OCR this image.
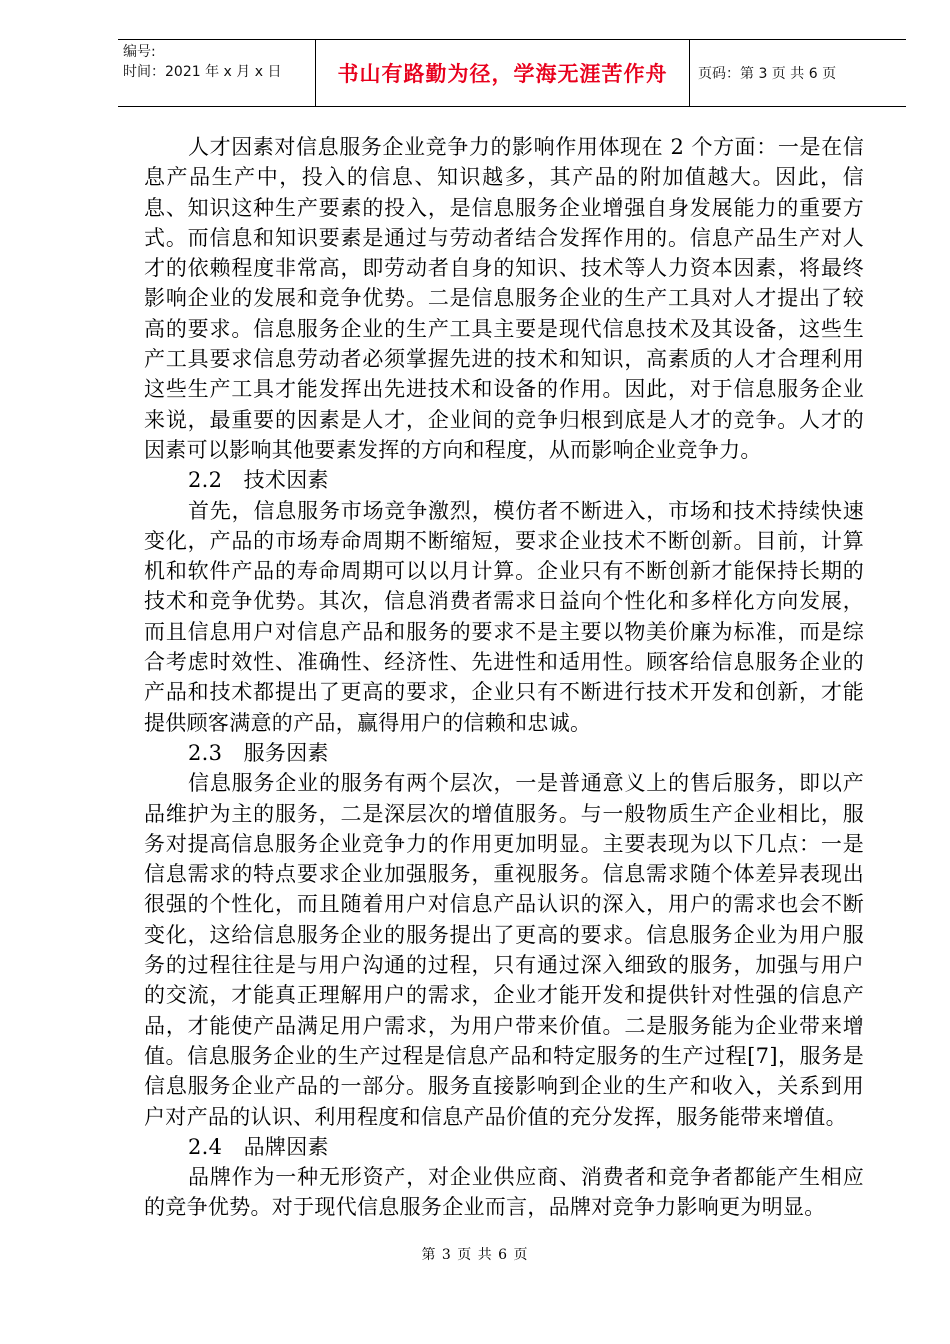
编号:
时间：2021 年 x 月 x 日	书山有路勤为径，学海无涯苦作舟	页码：第 3 页 共 6 页

人才因素对信息服务企业竞争力的影响作用体现在 2 个方面：一是在信息产品生产中，投入的信息、知识越多，其产品的附加值越大。因此，信息、知识这种生产要素的投入，是信息服务企业增强自身发展能力的重要方式。而信息和知识要素是通过与劳动者结合发挥作用的。信息产品生产对人才的依赖程度非常高，即劳动者自身的知识、技术等人力资本因素，将最终影响企业的发展和竞争优势。二是信息服务企业的生产工具对人才提出了较高的要求。信息服务企业的生产工具主要是现代信息技术及其设备，这些生产工具要求信息劳动者必须掌握先进的技术和知识，高素质的人才合理利用这些生产工具才能发挥出先进技术和设备的作用。因此，对于信息服务企业来说，最重要的因素是人才，企业间的竞争归根到底是人才的竞争。人才的因素可以影响其他要素发挥的方向和程度，从而影响企业竞争力。

2.2　技术因素

首先，信息服务市场竞争激烈，模仿者不断进入，市场和技术持续快速变化，产品的市场寿命周期不断缩短，要求企业技术不断创新。目前，计算机和软件产品的寿命周期可以以月计算。企业只有不断创新才能保持长期的技术和竞争优势。其次，信息消费者需求日益向个性化和多样化方向发展，而且信息用户对信息产品和服务的要求不是主要以物美价廉为标准，而是综合考虑时效性、准确性、经济性、先进性和适用性。顾客给信息服务企业的产品和技术都提出了更高的要求，企业只有不断进行技术开发和创新，才能提供顾客满意的产品，赢得用户的信赖和忠诚。

2.3　服务因素

信息服务企业的服务有两个层次，一是普通意义上的售后服务，即以产品维护为主的服务，二是深层次的增值服务。与一般物质生产企业相比，服务对提高信息服务企业竞争力的作用更加明显。主要表现为以下几点：一是信息需求的特点要求企业加强服务，重视服务。信息需求随个体差异表现出很强的个性化，而且随着用户对信息产品认识的深入，用户的需求也会不断变化，这给信息服务企业的服务提出了更高的要求。信息服务企业为用户服务的过程往往是与用户沟通的过程，只有通过深入细致的服务，加强与用户的交流，才能真正理解用户的需求，企业才能开发和提供针对性强的信息产品，才能使产品满足用户需求，为用户带来价值。二是服务能为企业带来增值。信息服务企业的生产过程是信息产品和特定服务的生产过程[7]，服务是信息服务企业产品的一部分。服务直接影响到企业的生产和收入，关系到用户对产品的认识、利用程度和信息产品价值的充分发挥，服务能带来增值。

2.4　品牌因素

品牌作为一种无形资产，对企业供应商、消费者和竞争者都能产生相应的竞争优势。对于现代信息服务企业而言，品牌对竞争力影响更为明显。

第 3 页 共 6 页
